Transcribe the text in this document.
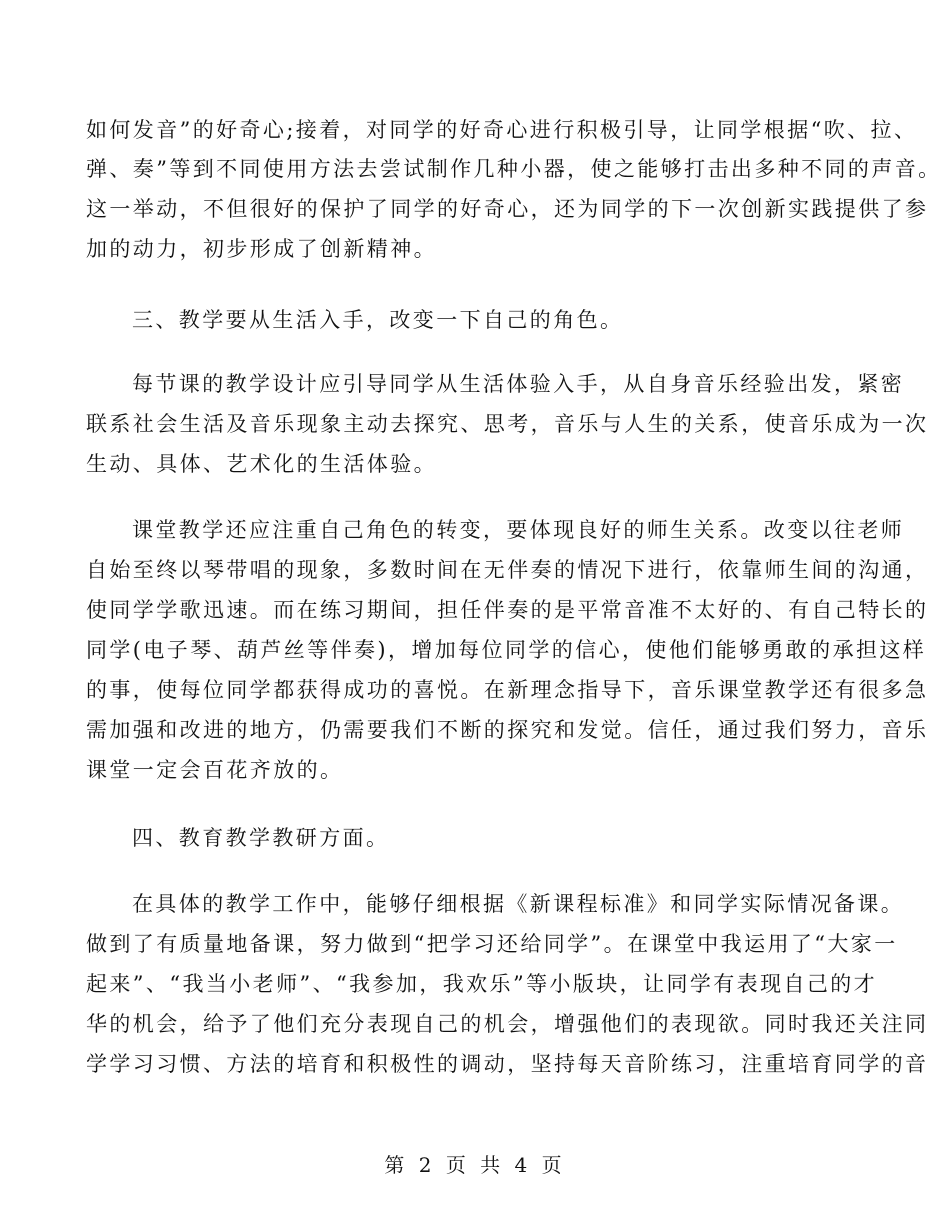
如何发音”的好奇心;接着，对同学的好奇心进行积极引导，让同学根据“吹、拉、
弹、奏”等到不同使用方法去尝试制作几种小器，使之能够打击出多种不同的声音。
这一举动，不但很好的保护了同学的好奇心，还为同学的下一次创新实践提供了参
加的动力，初步形成了创新精神。
三、教学要从生活入手，改变一下自己的角色。
每节课的教学设计应引导同学从生活体验入手，从自身音乐经验出发，紧密
联系社会生活及音乐现象主动去探究、思考，音乐与人生的关系，使音乐成为一次
生动、具体、艺术化的生活体验。
课堂教学还应注重自己角色的转变，要体现良好的师生关系。改变以往老师
自始至终以琴带唱的现象，多数时间在无伴奏的情况下进行，依靠师生间的沟通，
使同学学歌迅速。而在练习期间，担任伴奏的是平常音准不太好的、有自己特长的
同学(电子琴、葫芦丝等伴奏)，增加每位同学的信心，使他们能够勇敢的承担这样
的事，使每位同学都获得成功的喜悦。在新理念指导下，音乐课堂教学还有很多急
需加强和改进的地方，仍需要我们不断的探究和发觉。信任，通过我们努力，音乐
课堂一定会百花齐放的。
四、教育教学教研方面。
在具体的教学工作中，能够仔细根据《新课程标准》和同学实际情况备课。
做到了有质量地备课，努力做到“把学习还给同学”。在课堂中我运用了“大家一
起来”、“我当小老师”、“我参加，我欢乐”等小版块，让同学有表现自己的才
华的机会，给予了他们充分表现自己的机会，增强他们的表现欲。同时我还关注同
学学习习惯、方法的培育和积极性的调动，坚持每天音阶练习，注重培育同学的音
第 2 页 共 4 页
